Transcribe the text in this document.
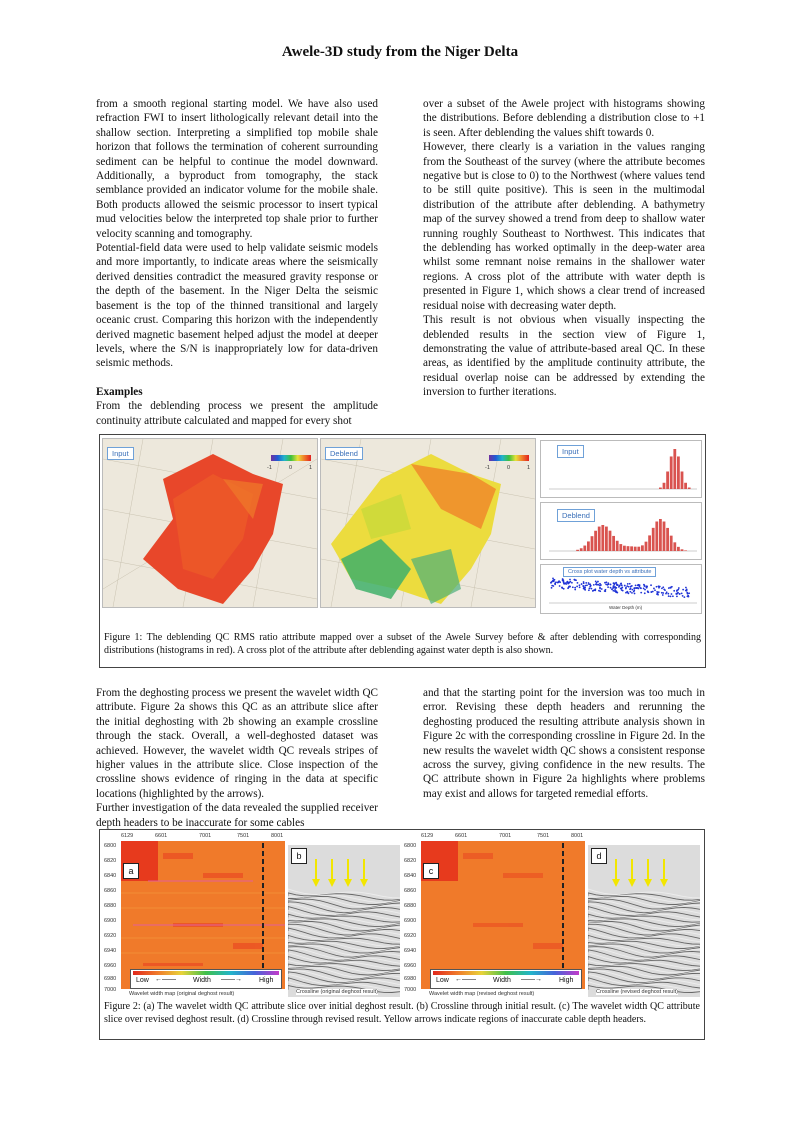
Awele-3D study from the Niger Delta

from a smooth regional starting model. We have also used refraction FWI to insert lithologically relevant detail into the shallow section. Interpreting a simplified top mobile shale horizon that follows the termination of coherent surrounding sediment can be helpful to continue the model downward. Additionally, a byproduct from tomography, the stack semblance provided an indicator volume for the mobile shale. Both products allowed the seismic processor to insert typical mud velocities below the interpreted top shale prior to further velocity scanning and tomography.

Potential-field data were used to help validate seismic models and more importantly, to indicate areas where the seismically derived densities contradict the measured gravity response or the depth of the basement. In the Niger Delta the seismic basement is the top of the thinned transitional and largely oceanic crust. Comparing this horizon with the independently derived magnetic basement helped adjust the model at deeper levels, where the S/N is inappropriately low for data-driven seismic methods.

Examples

From the deblending process we present the amplitude continuity attribute calculated and mapped for every shot

over a subset of the Awele project with histograms showing the distributions. Before deblending a distribution close to +1 is seen. After deblending the values shift towards 0.

However, there clearly is a variation in the values ranging from the Southeast of the survey (where the attribute becomes negative but is close to 0) to the Northwest (where values tend to be still quite positive). This is seen in the multimodal distribution of the attribute after deblending. A bathymetry map of the survey showed a trend from deep to shallow water running roughly Southeast to Northwest. This indicates that the deblending has worked optimally in the deep-water area whilst some remnant noise remains in the shallower water regions. A cross plot of the attribute with water depth is presented in Figure 1, which shows a clear trend of increased residual noise with decreasing water depth.

This result is not obvious when visually inspecting the deblended results in the section view of Figure 1, demonstrating the value of attribute-based areal QC. In these areas, as identified by the amplitude continuity attribute, the residual overlap noise can be addressed by extending the inversion to further iterations.

Input
-1	0	1
Deblend
-1	0	1
Input
Deblend
Cross plot water depth vs attribute
Water Depth (m)
Figure 1: The deblending QC RMS ratio attribute mapped over a subset of the Awele Survey before & after deblending with corresponding distributions (histograms in red). A cross plot of the attribute after deblending against water depth is also shown.

From the deghosting process we present the wavelet width QC attribute. Figure 2a shows this QC as an attribute slice after the initial deghosting with 2b showing an example crossline through the stack. Overall, a well-deghosted dataset was achieved. However, the wavelet width QC reveals stripes of higher values in the attribute slice. Close inspection of the crossline shows evidence of ringing in the data at specific locations (highlighted by the arrows).

Further investigation of the data revealed the supplied receiver depth headers to be inaccurate for some cables

and that the starting point for the inversion was too much in error. Revising these depth headers and rerunning the deghosting produced the resulting attribute analysis shown in Figure 2c with the corresponding crossline in Figure 2d. In the new results the wavelet width QC shows a consistent response across the survey, giving confidence in the new results. The QC attribute shown in Figure 2a highlights where problems may exist and allows for targeted remedial efforts.

6129	6601	7001	7501	8001
6800
6820
6840
6860
6880
6900
6920
6940
6960
6980
7000
a
Low	Width	High
←——	——→
Wavelet width map (original deghost result)
b
Crossline (original deghost result)
6129	6601	7001	7501	8001
6800
6820
6840
6860
6880
6900
6920
6940
6960
6980
7000
c
Low	Width	High
←——	——→
Wavelet width map (revised deghost result)
d
Crossline (revised deghost result)
Figure 2: (a) The wavelet width QC attribute slice over initial deghost result. (b) Crossline through initial result. (c) The wavelet width QC attribute slice over revised deghost result. (d) Crossline through revised result. Yellow arrows indicate regions of inaccurate cable depth headers.
